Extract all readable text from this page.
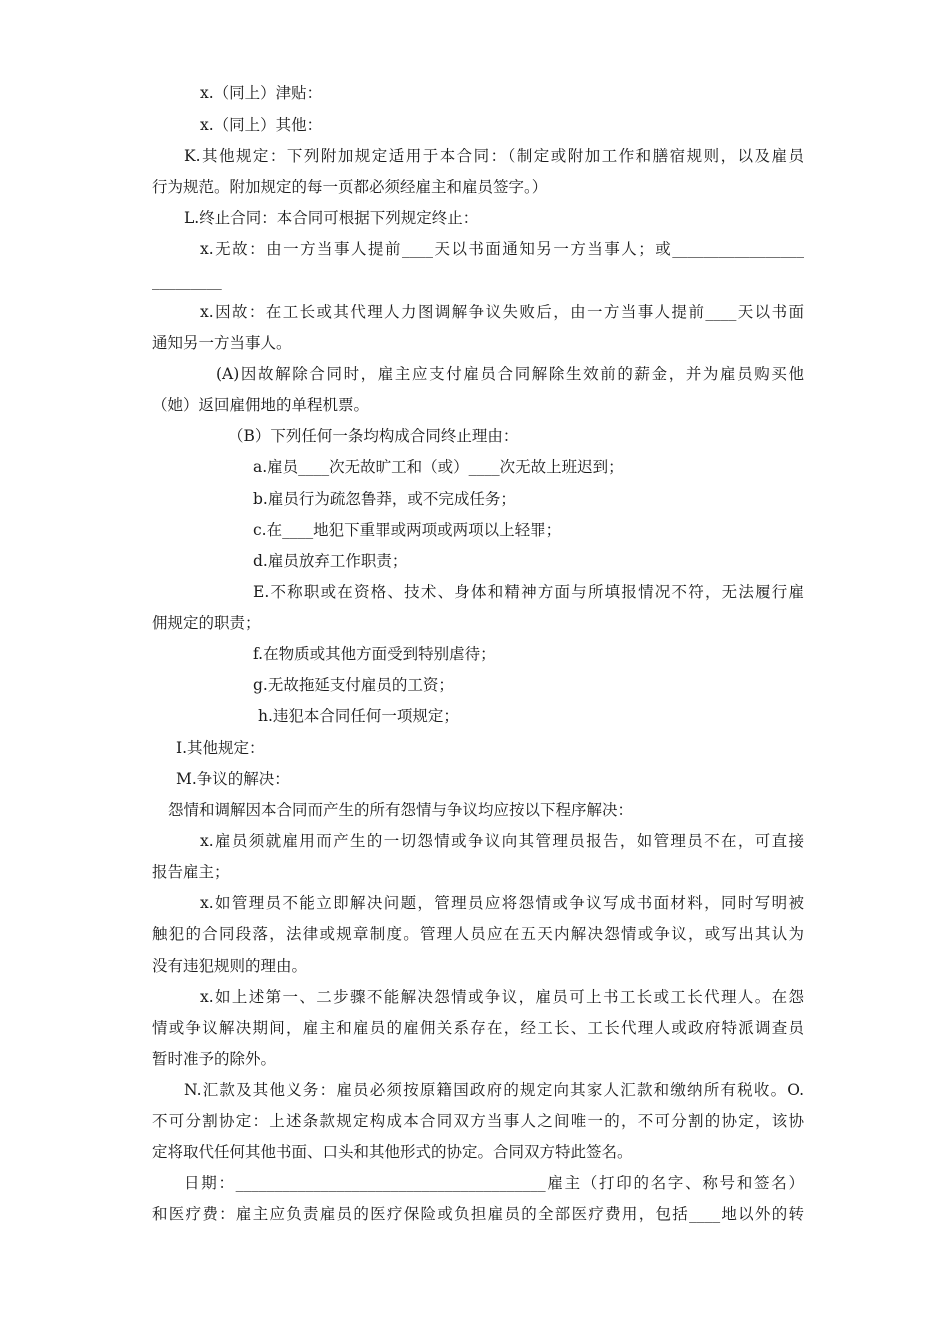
x.（同上）津贴：
x.（同上）其他：
K.其他规定：下列附加规定适用于本合同：（制定或附加工作和膳宿规则，以及雇员
行为规范。附加规定的每一页都必须经雇主和雇员签字。）
L.终止合同：本合同可根据下列规定终止：
x.无故：由一方当事人提前____天以书面通知另一方当事人；或_________________
_________
x.因故：在工长或其代理人力图调解争议失败后，由一方当事人提前____天以书面
通知另一方当事人。
(A)因故解除合同时，雇主应支付雇员合同解除生效前的薪金，并为雇员购买他
（她）返回雇佣地的单程机票。
（B）下列任何一条均构成合同终止理由：
a.雇员____次无故旷工和（或）____次无故上班迟到；
b.雇员行为疏忽鲁莽，或不完成任务；
c.在____地犯下重罪或两项或两项以上轻罪；
d.雇员放弃工作职责；
E.不称职或在资格、技术、身体和精神方面与所填报情况不符，无法履行雇
佣规定的职责；
f.在物质或其他方面受到特别虐待；
g.无故拖延支付雇员的工资；
h.违犯本合同任何一项规定；
I.其他规定：
M.争议的解决：
怨情和调解因本合同而产生的所有怨情与争议均应按以下程序解决：
x.雇员须就雇用而产生的一切怨情或争议向其管理员报告，如管理员不在，可直接
报告雇主；
x.如管理员不能立即解决问题，管理员应将怨情或争议写成书面材料，同时写明被
触犯的合同段落，法律或规章制度。管理人员应在五天内解决怨情或争议，或写出其认为
没有违犯规则的理由。
x.如上述第一、二步骤不能解决怨情或争议，雇员可上书工长或工长代理人。在怨
情或争议解决期间，雇主和雇员的雇佣关系存在，经工长、工长代理人或政府特派调查员
暂时准予的除外。
N.汇款及其他义务：雇员必须按原籍国政府的规定向其家人汇款和缴纳所有税收。O.
不可分割协定：上述条款规定构成本合同双方当事人之间唯一的，不可分割的协定，该协
定将取代任何其他书面、口头和其他形式的协定。合同双方特此签名。
日期：________________________________________雇主（打印的名字、称号和签名）
和医疗费：雇主应负责雇员的医疗保险或负担雇员的全部医疗费用，包括____地以外的转
